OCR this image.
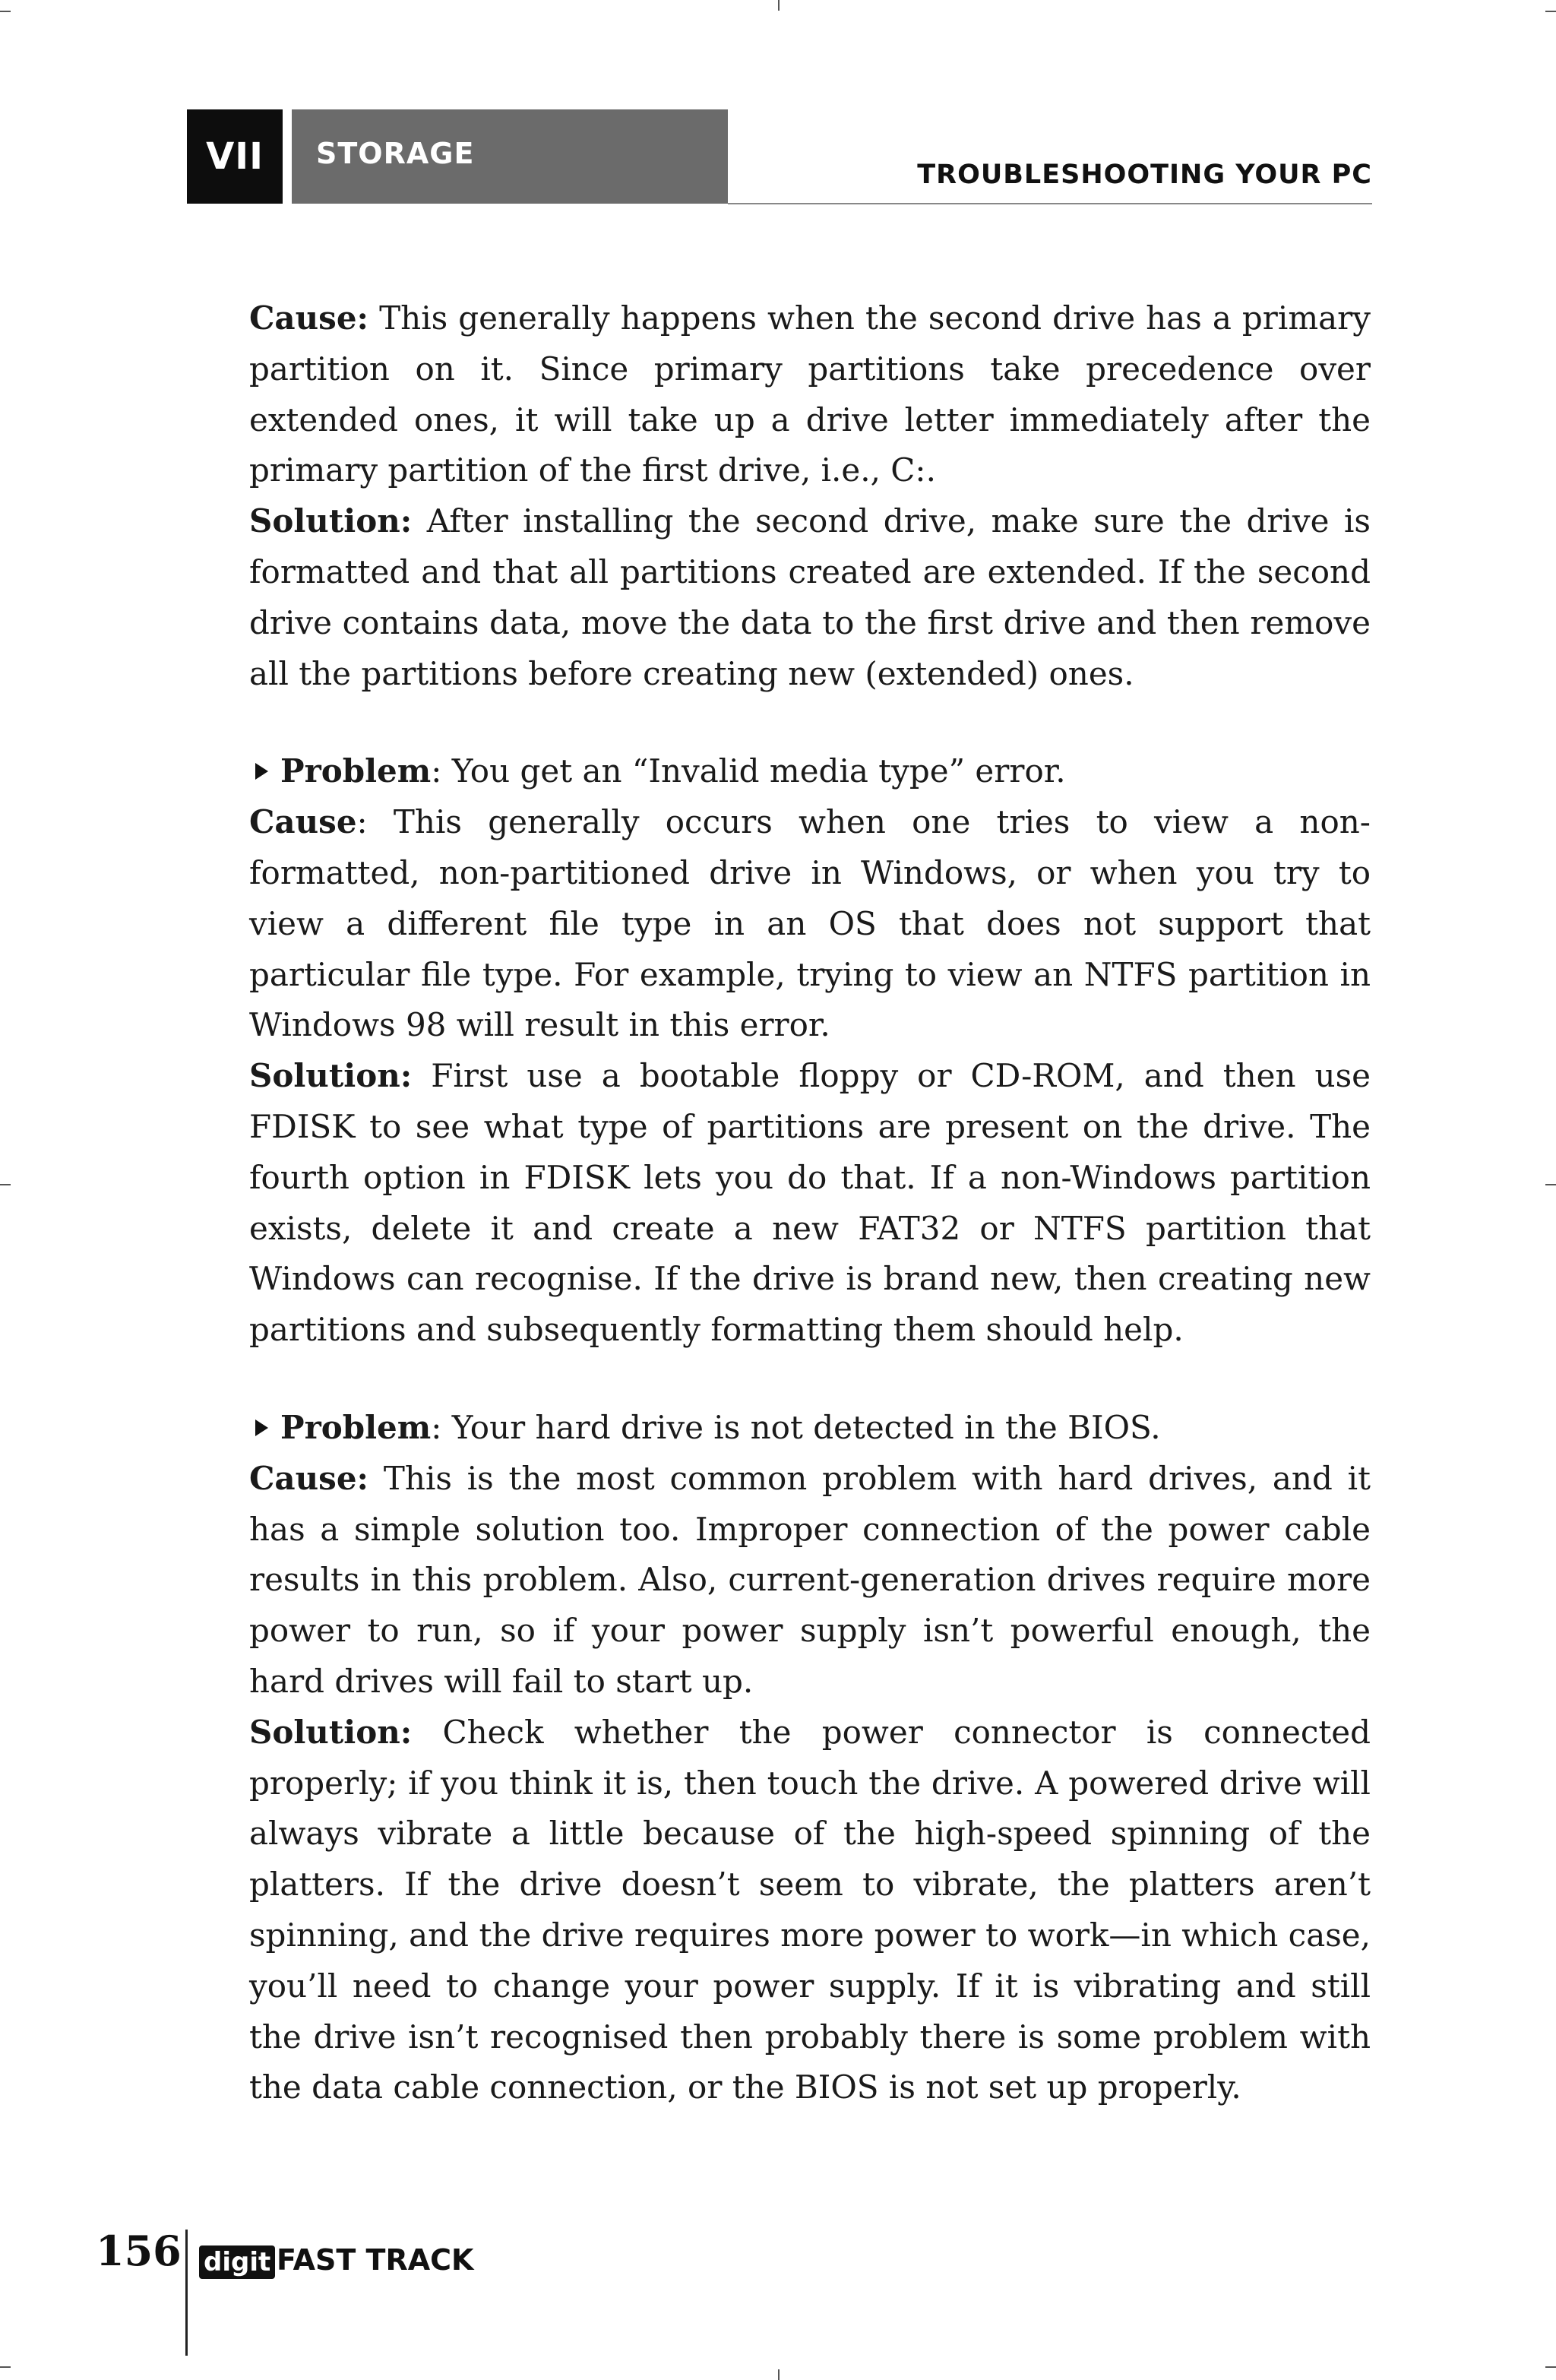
VII	STORAGE
TROUBLESHOOTING YOUR PC

Cause: This generally happens when the second drive has a primary partition on it. Since primary partitions take precedence over extended ones, it will take up a drive letter immediately after the primary partition of the first drive, i.e., C:.

Solution: After installing the second drive, make sure the drive is formatted and that all partitions created are extended. If the second drive contains data, move the data to the first drive and then remove all the partitions before creating new (extended) ones.

Problem: You get an “Invalid media type” error.

Cause: This generally occurs when one tries to view a non-formatted, non-partitioned drive in Windows, or when you try to view a different file type in an OS that does not support that particular file type. For example, trying to view an NTFS partition in Windows 98 will result in this error.

Solution: First use a bootable floppy or CD-ROM, and then use FDISK to see what type of partitions are present on the drive. The fourth option in FDISK lets you do that. If a non-Windows partition exists, delete it and create a new FAT32 or NTFS partition that Windows can recognise. If the drive is brand new, then creating new partitions and subsequently formatting them should help.

Problem: Your hard drive is not detected in the BIOS.

Cause: This is the most common problem with hard drives, and it has a simple solution too. Improper connection of the power cable results in this problem. Also, current-generation drives require more power to run, so if your power supply isn’t powerful enough, the hard drives will fail to start up.

Solution: Check whether the power connector is connected properly; if you think it is, then touch the drive. A powered drive will always vibrate a little because of the high-speed spinning of the platters. If the drive doesn’t seem to vibrate, the platters aren’t spinning, and the drive requires more power to work—in which case, you’ll need to change your power supply. If it is vibrating and still the drive isn’t recognised then probably there is some problem with the data cable connection, or the BIOS is not set up properly.

156 digit FAST TRACK
